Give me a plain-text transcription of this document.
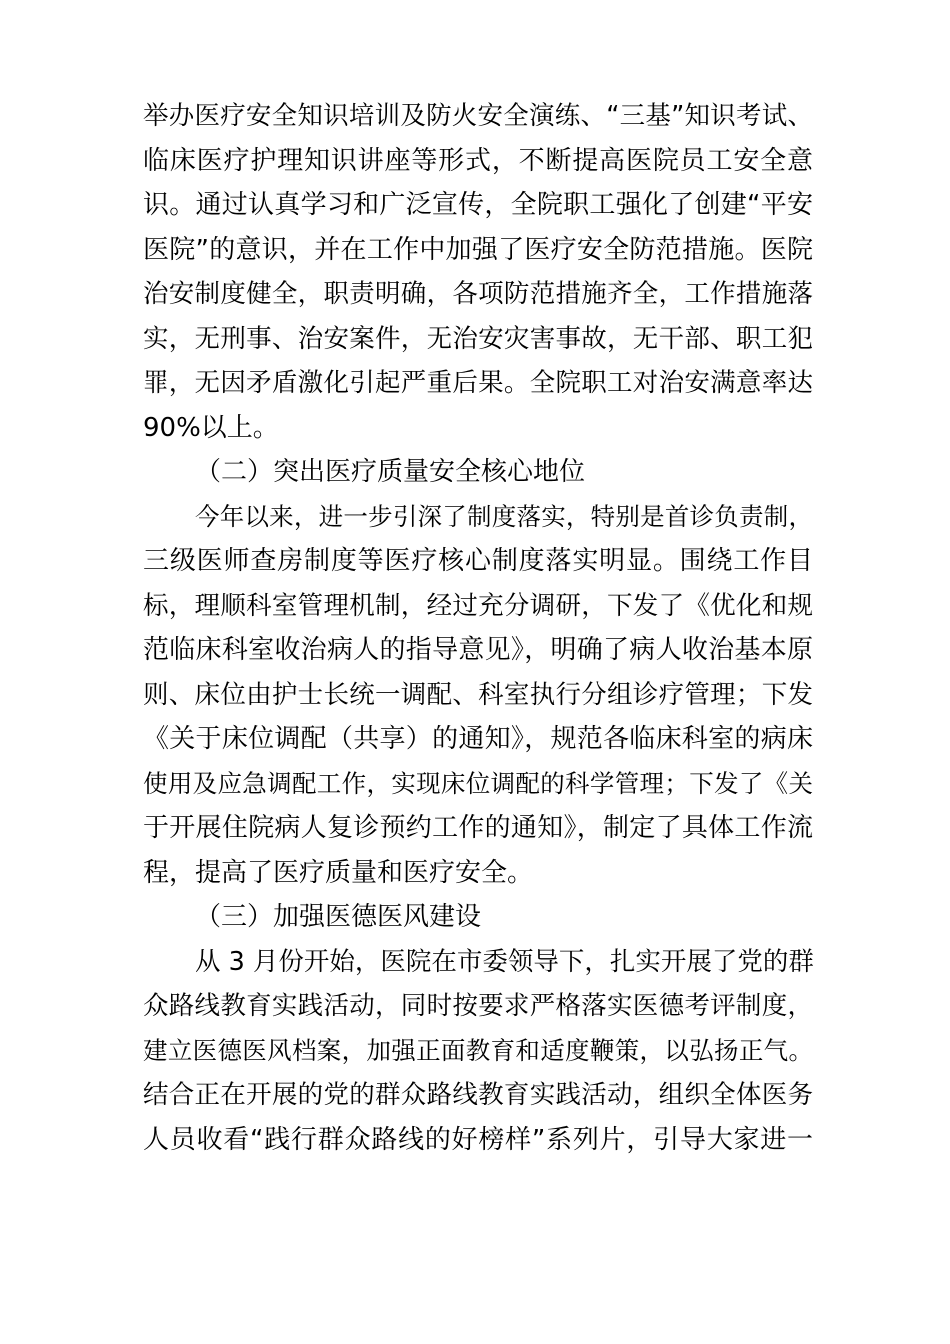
举办医疗安全知识培训及防火安全演练、“三基”知识考试、
临床医疗护理知识讲座等形式，不断提高医院员工安全意
识。通过认真学习和广泛宣传，全院职工强化了创建“平安
医院”的意识，并在工作中加强了医疗安全防范措施。医院
治安制度健全，职责明确，各项防范措施齐全，工作措施落
实，无刑事、治安案件，无治安灾害事故，无干部、职工犯
罪，无因矛盾激化引起严重后果。全院职工对治安满意率达
90%以上。
（二）突出医疗质量安全核心地位
今年以来，进一步引深了制度落实，特别是首诊负责制，
三级医师查房制度等医疗核心制度落实明显。围绕工作目
标，理顺科室管理机制，经过充分调研，下发了《优化和规
范临床科室收治病人的指导意见》，明确了病人收治基本原
则、床位由护士长统一调配、科室执行分组诊疗管理；下发
《关于床位调配（共享）的通知》，规范各临床科室的病床
使用及应急调配工作，实现床位调配的科学管理；下发了《关
于开展住院病人复诊预约工作的通知》，制定了具体工作流
程，提高了医疗质量和医疗安全。
（三）加强医德医风建设
从 3 月份开始，医院在市委领导下，扎实开展了党的群
众路线教育实践活动，同时按要求严格落实医德考评制度，
建立医德医风档案，加强正面教育和适度鞭策，以弘扬正气。
结合正在开展的党的群众路线教育实践活动，组织全体医务
人员收看“践行群众路线的好榜样”系列片，引导大家进一
